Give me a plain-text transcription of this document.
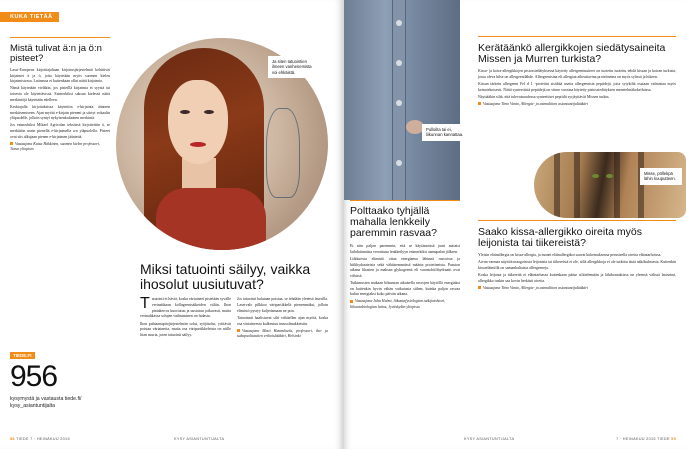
KUKA TIETÄÄ
Mistä tulivat ä:n ja ö:n pisteet?

Lassi-Europeus kirjoittajaltaan kirjoitusjärjestelmät kehittivät kirjaimet ä ja ö, joita käytetään myös suomen kielen kirjaimistossa. Latinassa ei kuitenkaan ollut näitä kirjaimia.

Nämä käytetään vieläkin, jos pisteillä kirjaimia ei syystä tai toisesta ole käytettävissä. Esimerkiksi saksan kielessä näitä merkintöjä käytetään edelleen.

Keskiajalla kirjoituksissa käytettiin e-kirjainta äänteen merkitsemiseen. Ajan myötä e-kirjain pieneni ja siirtyi vokaalin yläpuolelle, jolloin syntyi nykyisenkaltainen merkintä.

Jos esimerkiksi Mikael Agricolan tekstissä kirjoitettiin ä, se merkittiin usein pienellä e-kirjaimella a:n yläpuolella. Pisteet ovat siis alkujaan pienen e-kirjaimen jäänteitä.

Vastaajana Kaisa Häkkinen, suomen kielen professori, Turun yliopisto
TIEDE.FI
956
kysymystä ja vastausta tiede.fi/ kysy_asiantuntijalta
Ja siten tatuointien ilmeen vanhenemista voi ehkäistä.
Miksi tatuointi säilyy, vaikka ihosolut uusiutuvat?

Tatuointi ei häviä, koska väriaineet pistetään syvälle verinahkaan kollageenisäikeiden väliin. Ihon pintakerros kuoriutuu ja uusiutuu jatkuvasti, mutta verinahkassa solujen vaihtuminen on hidasta.

Ihon puhtaanapitojärjestelmän solut, syöjäsolut, yrittävät poistaa väriainetta, mutta osa väripartikkeleista on niille liian suuria, joten tatuointi säilyy.

Jos tatuointi halutaan poistaa, se tehdään yleensä laserilla. Laservalo pilkkoo väripartikkelit pienemmiksi, jolloin elimistö pystyy kuljettamaan ne pois.

Tatuoinnit haalistuvat silti vähitellen ajan myötä, koska osa väriaineesta kulkeutuu imusolmukkeisiin.

Vastaajana Matti Hannuksela, professori, iho- ja sukupuolitautien erikoislääkäri, Helsinki
58 TIEDE 7 · HEINÄKUU 2015	KYSY ASIANTUNTIJALTA
Pulloilta tai ei, liikunnan kannattaa.
Polttaako tyhjällä mahalla lenkkeily paremmin rasvaa?

Ei niin paljon paremmin, että se käytännössä juuri auttaisi laihduttamista verrattuna lenkkeilyyn esimerkiksi aamupalan jälkeen.

Liikkuessa elimistö ottaa energiansa lähinnä rasvoista ja hiilihydraateista sekä vähäisemmässä määrin proteiineista. Paaston aikana lihasten ja maksan glykogeenit eli varastohiilihydraatit ovat vähissä.

Tutkimusten mukaan liikunnan aikaisella rasvojen käytöllä energiaksi on kuitenkin hyvin vähän vaikutusta siihen, kuinka paljon rasvaa kuluu energiaksi koko päivän aikana.

Vastaajana Juha Hulmi, liikuntafysiologian tutkijatohtori, liikuntabiologian laitos, Jyväskylän yliopisto
Kerätäänkö allergikkojen siedätysaineita Missen ja Murren turkista?

Kissa- ja koira-allergikkojen pistossiedätyksessä käytetty allergeeniuutteet on tuotettu tuotettu tehdä kissan ja koiran turkista, jossa oleva hilse on allergeenilähde. Allergeenisina eli allergiaa aiheuttavina proteiineina on myös sylissä ja hikeen.

Kissan tärkein allergeeni Fel d 1 -proteiini sisältää useita allergeenisia peptidejä, joita sytykiltä osataan valmistaa myös keinotekoisesti. Näitä synteettisiä peptidejä on viime vuosina käytetty pistossiedätyksen menetelmäkokeiluissa.

Näyttääkin siltä, että tulevaisuudessa synteettiset peptidit syrjäyttävät Missen turkin.

Vastaajana Timo Vanto, Allergia- ja astmaliiton asiantuntijalääkäri
Misse, pöllekpä lähin kuuputteen.
Saako kissa-allergikko oireita myös leijonista tai tiikereistä?

Yleisin eläinallergia on kissa-allergia, ja monet eläinallergikot saavat kokemuksensa perusteella oireita eläintarhoissa.

Aivan varmaa näyttöä maagoisista leijonista tai tiikereistä ei ole, sillä allergikkoja ei ole tutkittu tästä näkökulmasta. Kuitenkin kissaeläimillä on samankaltaisia allergeeneja.

Koska leijonia ja tiikereitä ei eläintarhassa kuitenkaan pääse silittelemään ja lähikontaktissa on yleensä välissä lasiseinä, allergikko tuskin saa kovin herkästi oireita.

Vastaajana Timo Vanto, Allergia- ja astmaliiton asiantuntijalääkäri
KYSY ASIANTUNTIJALTA	7 · HEINÄKUU 2015 TIEDE 59
